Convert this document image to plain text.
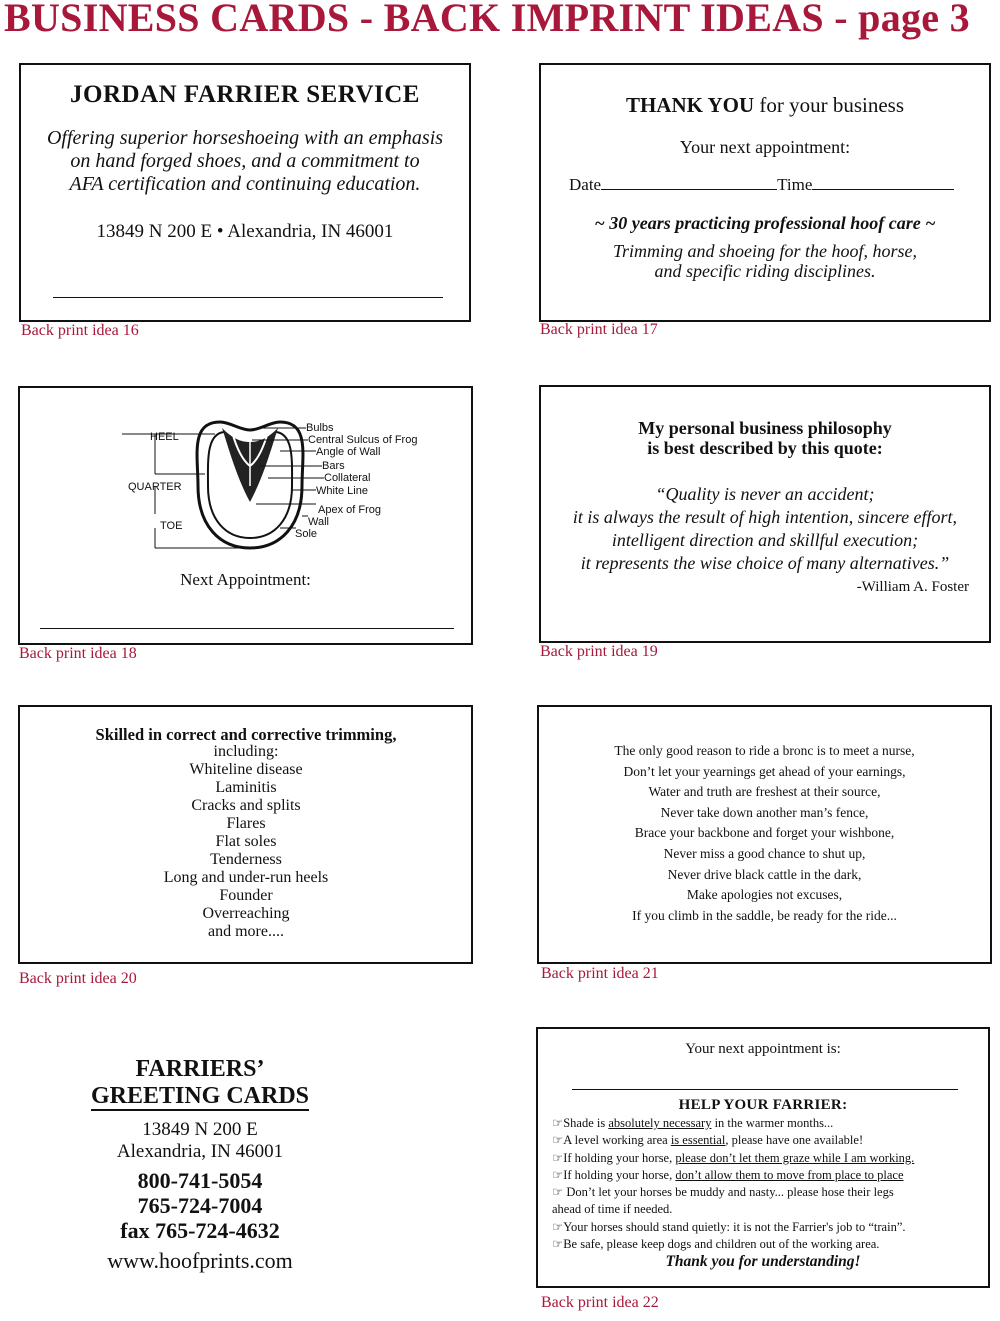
BUSINESS CARDS - BACK IMPRINT IDEAS - page 3
JORDAN FARRIER SERVICE
Offering superior horseshoeing with an emphasis
on hand forged shoes, and a commitment to
AFA certification and continuing education.
13849 N 200 E • Alexandria, IN 46001
Back print idea 16
THANK YOU for your business
Your next appointment:
Date	Time
~ 30 years practicing professional hoof care ~
Trimming and shoeing for the hoof, horse,
and specific riding disciplines.
Back print idea 17
HEEL
QUARTER
TOE
Bulbs
Central Sulcus of Frog
Angle of Wall
Bars
Collateral
White Line
Apex of Frog
Wall
Sole
Next Appointment:
Back print idea 18
My personal business philosophy
is best described by this quote:
“Quality is never an accident;
it is always the result of high intention, sincere effort,
intelligent direction and skillful execution;
it represents the wise choice of many alternatives.”
-William A. Foster
Back print idea 19
Skilled in correct and corrective trimming,
including:
Whiteline disease
Laminitis
Cracks and splits
Flares
Flat soles
Tenderness
Long and under-run heels
Founder
Overreaching
and more....
Back print idea 20
The only good reason to ride a bronc is to meet a nurse,
Don’t let your yearnings get ahead of your earnings,
Water and truth are freshest at their source,
Never take down another man’s fence,
Brace your backbone and forget your wishbone,
Never miss a good chance to shut up,
Never drive black cattle in the dark,
Make apologies not excuses,
If you climb in the saddle, be ready for the ride...
Back print idea 21
FARRIERS’
GREETING CARDS
13849 N 200 E
Alexandria, IN 46001
800-741-5054
765-724-7004
fax 765-724-4632
www.hoofprints.com
Your next appointment is:
HELP YOUR FARRIER:
☞Shade is absolutely necessary in the warmer months...
☞A level working area is essential, please have one available!
☞If holding your horse, please don’t let them graze while I am working.
☞If holding your horse, don’t allow them to move from place to place
☞ Don’t let your horses be muddy and nasty... please hose their legs
ahead of time if needed.
☞Your horses should stand quietly: it is not the Farrier's job to “train”.
☞Be safe, please keep dogs and children out of the working area.
Thank you for understanding!
Back print idea 22
